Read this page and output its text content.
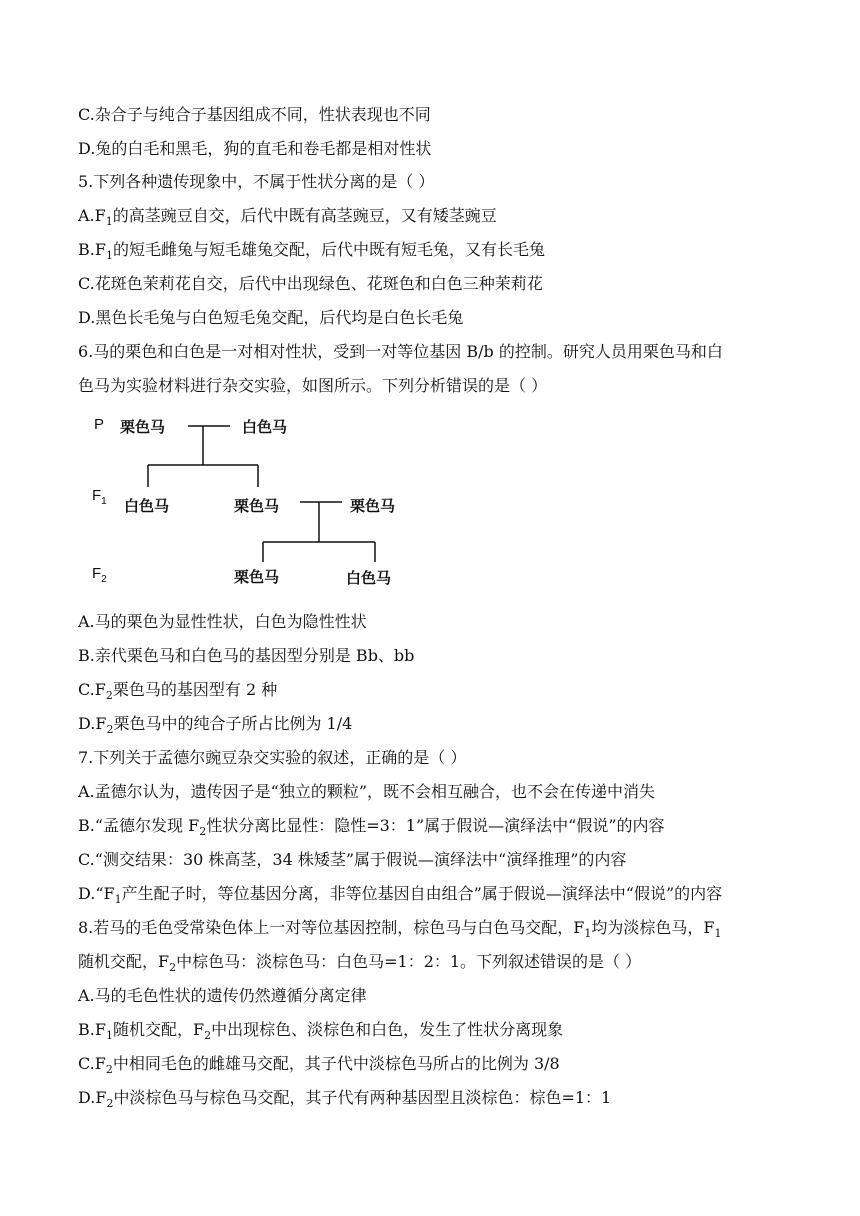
C.杂合子与纯合子基因组成不同，性状表现也不同
D.兔的白毛和黑毛，狗的直毛和卷毛都是相对性状
5.下列各种遗传现象中，不属于性状分离的是（ ）
$A.F_1$的高茎豌豆自交，后代中既有高茎豌豆，又有矮茎豌豆
$B.F_1$的短毛雌兔与短毛雄兔交配，后代中既有短毛兔，又有长毛兔
C.花斑色茉莉花自交，后代中出现绿色、花斑色和白色三种茉莉花
D.黑色长毛兔与白色短毛兔交配，后代均是白色长毛兔
6.马的栗色和白色是一对相对性状，受到一对等位基因 B/b 的控制。研究人员用栗色马和白
色马为实验材料进行杂交实验，如图所示。下列分析错误的是（ ）
P 栗色马	白色马
$F_1$ 白色马	栗色马	栗色马
$F_2$	栗色马	白色马
A.马的栗色为显性性状，白色为隐性性状
B.亲代栗色马和白色马的基因型分别是 Bb、bb
$C.F_2$栗色马的基因型有 2 种
$D.F_2$栗色马中的纯合子所占比例为 1/4
7.下列关于孟德尔豌豆杂交实验的叙述，正确的是（ ）
A.孟德尔认为，遗传因子是“独立的颗粒”，既不会相互融合，也不会在传递中消失
B.“孟德尔发现 $F_2$性状分离比显性：隐性=3：1”属于假说—演绎法中“假说”的内容
C.“测交结果：30 株高茎，34 株矮茎”属于假说—演绎法中“演绎推理”的内容
$D.“F_1$产生配子时，等位基因分离，非等位基因自由组合”属于假说—演绎法中“假说”的内容
8.若马的毛色受常染色体上一对等位基因控制，棕色马与白色马交配，$F_1$均为淡棕色马，$F_1$
随机交配，$F_2$中棕色马：淡棕色马：白色马=1：2：1。下列叙述错误的是（ ）
A.马的毛色性状的遗传仍然遵循分离定律
$B.F_1$随机交配，$F_2$中出现棕色、淡棕色和白色，发生了性状分离现象
$C.F_2$中相同毛色的雌雄马交配，其子代中淡棕色马所占的比例为 3/8
$D.F_2$中淡棕色马与棕色马交配，其子代有两种基因型且淡棕色：棕色=1：1
